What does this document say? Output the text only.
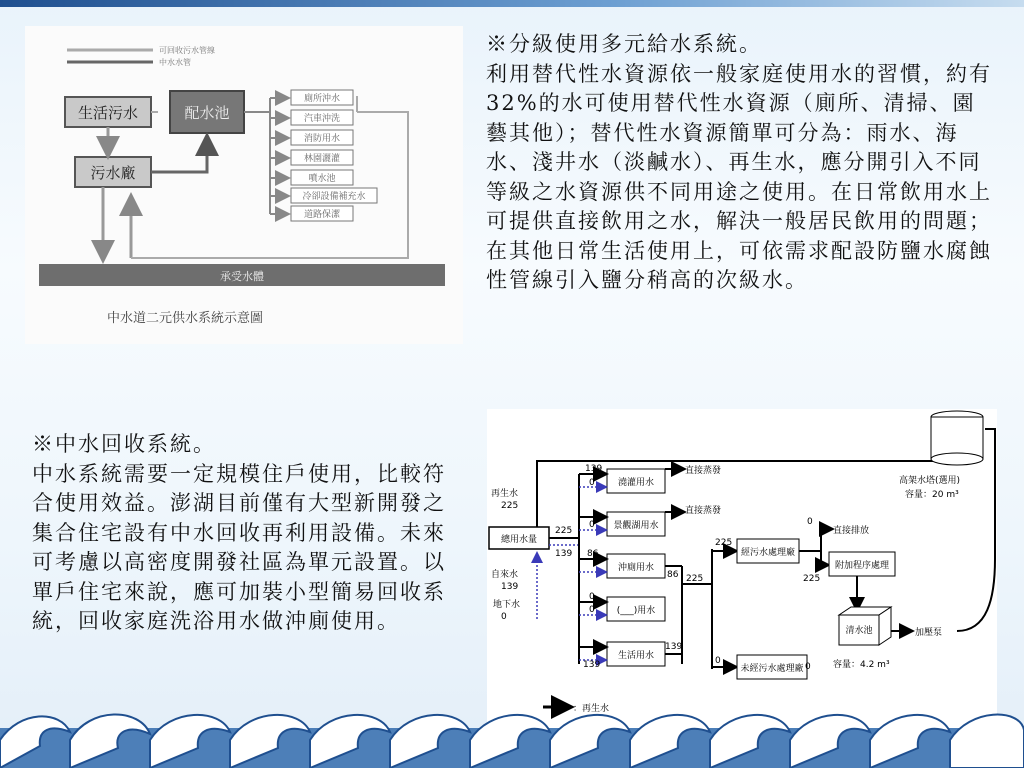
可回收污水管線
中水水管
生活污水
污水廠
配水池
廁所沖水
汽車沖洗
消防用水
林園灑灌
噴水池
冷卻設備補充水
道路保潔
承受水體
中水道二元供水系統示意圖
※分級使用多元給水系統。
利用替代性水資源依一般家庭使用水的習慣，約有32%的水可使用替代性水資源（廁所、清掃、園藝其他）；替代性水資源簡單可分為：雨水、海水、淺井水（淡鹹水）、再生水，應分開引入不同等級之水資源供不同用途之使用。在日常飲用水上可提供直接飲用之水，解決一般居民飲用的問題；在其他日常生活使用上，可依需求配設防鹽水腐蝕性管線引入鹽分稍高的次級水。
※中水回收系統。
中水系統需要一定規模住戶使用，比較符合使用效益。澎湖目前僅有大型新開發之集合住宅設有中水回收再利用設備。未來可考慮以高密度開發社區為單元設置。以單戶住宅來說，應可加裝小型簡易回收系統，回收家庭洗浴用水做沖廁使用。
再生水
225
總用水量
自來水
139
地下水
0
高架水塔(選用)
容量：20 m³
225
139
澆灌用水
景觀湖用水
沖廁用水
(___)用水
生活用水
139
0
0
86
0
0
139
直接蒸發
直接蒸發
86
139
225
225
0
經污水處理廠
未經污水處理廠
0
直接排放
225
附加程序處理
清水池
容量：4.2 m³
加壓泵
0
：再生水
